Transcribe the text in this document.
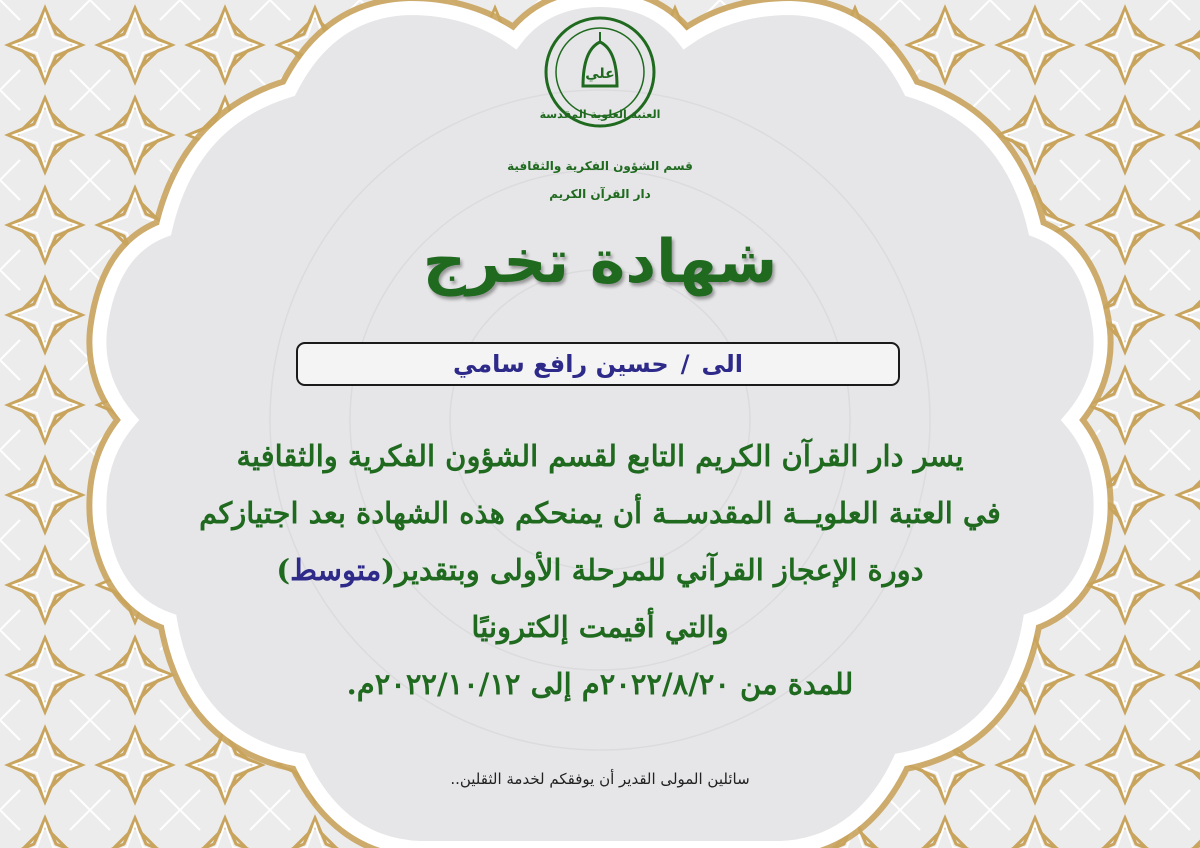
علي
العتبة العلوية المقدسة
قسم الشؤون الفكرية والثقافية
دار القرآن الكريم
شهادة تخرج
الى
/
حسين رافع سامي
يسر دار القرآن الكريم التابع لقسم الشؤون الفكرية والثقافية
في العتبة العلويــة المقدســة أن يمنحكم هذه الشهادة بعد اجتيازكم
دورة الإعجاز القرآني للمرحلة الأولى وبتقدير(متوسط)
والتي أقيمت إلكترونيًا
للمدة من ٢٠٢٢/٨/٢٠م إلى ٢٠٢٢/١٠/١٢م.
سائلين المولى القدير أن يوفقكم لخدمة الثقلين..
